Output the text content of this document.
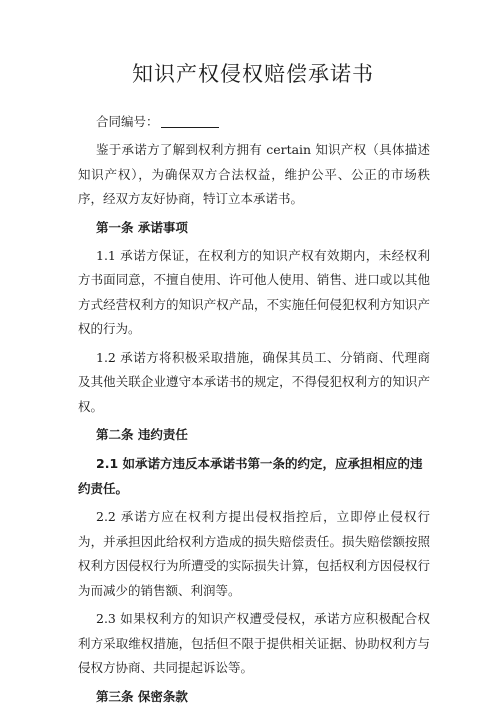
知识产权侵权赔偿承诺书
合同编号：

鉴于承诺方了解到权利方拥有 certain 知识产权（具体描述知识产权），为确保双方合法权益，维护公平、公正的市场秩序，经双方友好协商，特订立本承诺书。

第一条 承诺事项

1.1 承诺方保证，在权利方的知识产权有效期内，未经权利方书面同意，不擅自使用、许可他人使用、销售、进口或以其他方式经营权利方的知识产权产品，不实施任何侵犯权利方知识产权的行为。

1.2 承诺方将积极采取措施，确保其员工、分销商、代理商及其他关联企业遵守本承诺书的规定，不得侵犯权利方的知识产权。

第二条 违约责任

2.1 如承诺方违反本承诺书第一条的约定，应承担相应的违约责任。

2.2 承诺方应在权利方提出侵权指控后，立即停止侵权行为，并承担因此给权利方造成的损失赔偿责任。损失赔偿额按照权利方因侵权行为所遭受的实际损失计算，包括权利方因侵权行为而减少的销售额、利润等。

2.3 如果权利方的知识产权遭受侵权，承诺方应积极配合权利方采取维权措施，包括但不限于提供相关证据、协助权利方与侵权方协商、共同提起诉讼等。

第三条 保密条款
